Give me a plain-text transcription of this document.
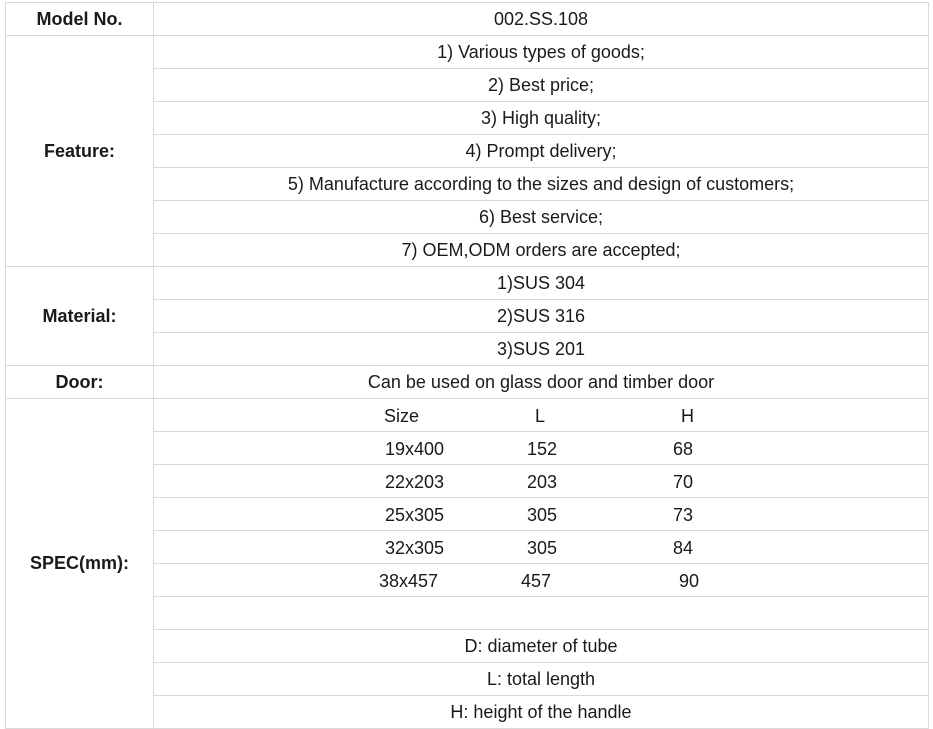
Model No.	002.SS.108
Feature:	1) Various types of goods;
	2) Best price;
	3) High quality;
	4) Prompt delivery;
	5) Manufacture according to the sizes and design of customers;
	6) Best service;
	7) OEM,ODM orders are accepted;
Material:	1)SUS 304
	2)SUS 316
	3)SUS 201
Door:	Can be used on glass door and timber door
SPEC(mm):	Size L H

	19x400 152 68

	22x203 203 70

	25x305 305 73

	32x305 305 84

	38x457 457 90

	D: diameter of tube
	L: total length
	H: height of the handle
